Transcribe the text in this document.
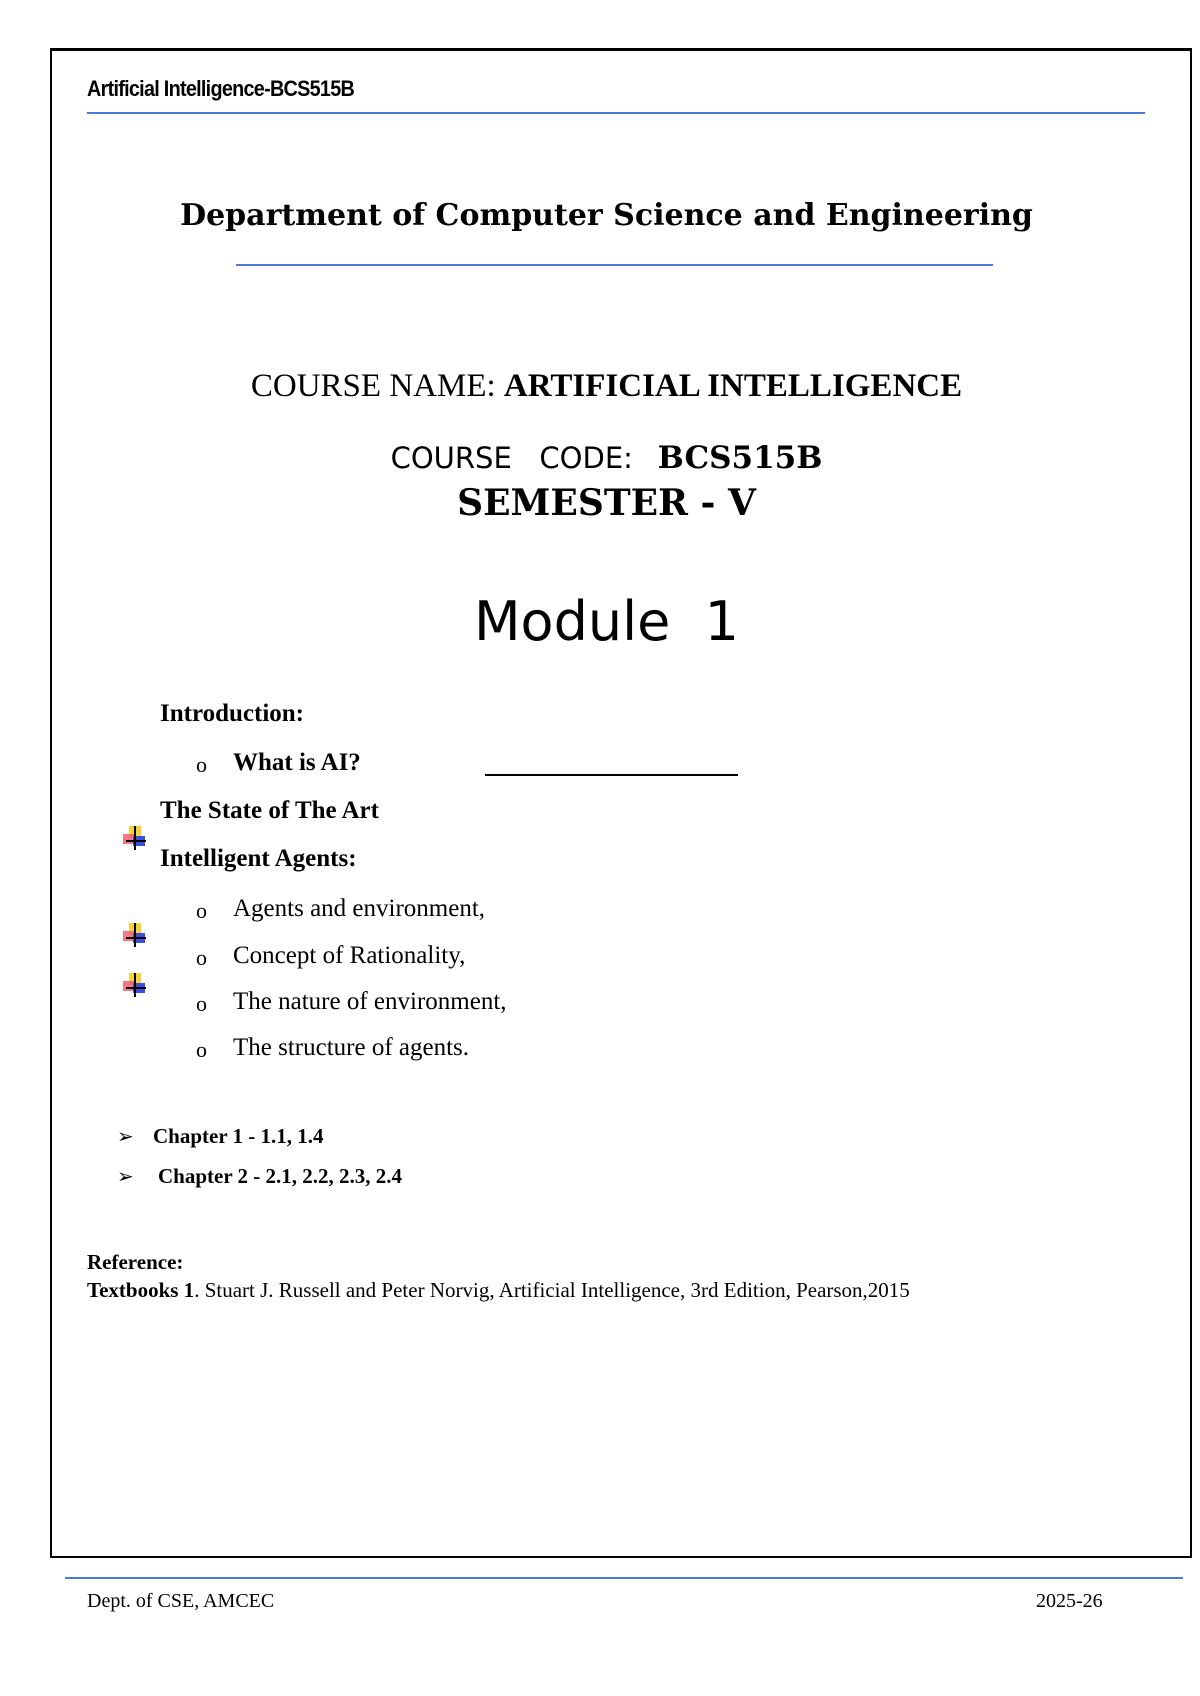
Artificial Intelligence-BCS515B
Department of Computer Science and Engineering
COURSE NAME: ARTIFICIAL INTELLIGENCE
COURSE   CODE: BCS515B
SEMESTER - V
Module  1
Introduction:
o What is AI?
The State of The Art
Intelligent Agents:
o Agents and environment,
o Concept of Rationality,
o The nature of environment,
o The structure of agents.
➢ Chapter 1 - 1.1, 1.4
➢ Chapter 2 - 2.1, 2.2, 2.3, 2.4
Reference:
Textbooks 1. Stuart J. Russell and Peter Norvig, Artificial Intelligence, 3rd Edition, Pearson,2015
Dept. of CSE, AMCEC	2025-26
